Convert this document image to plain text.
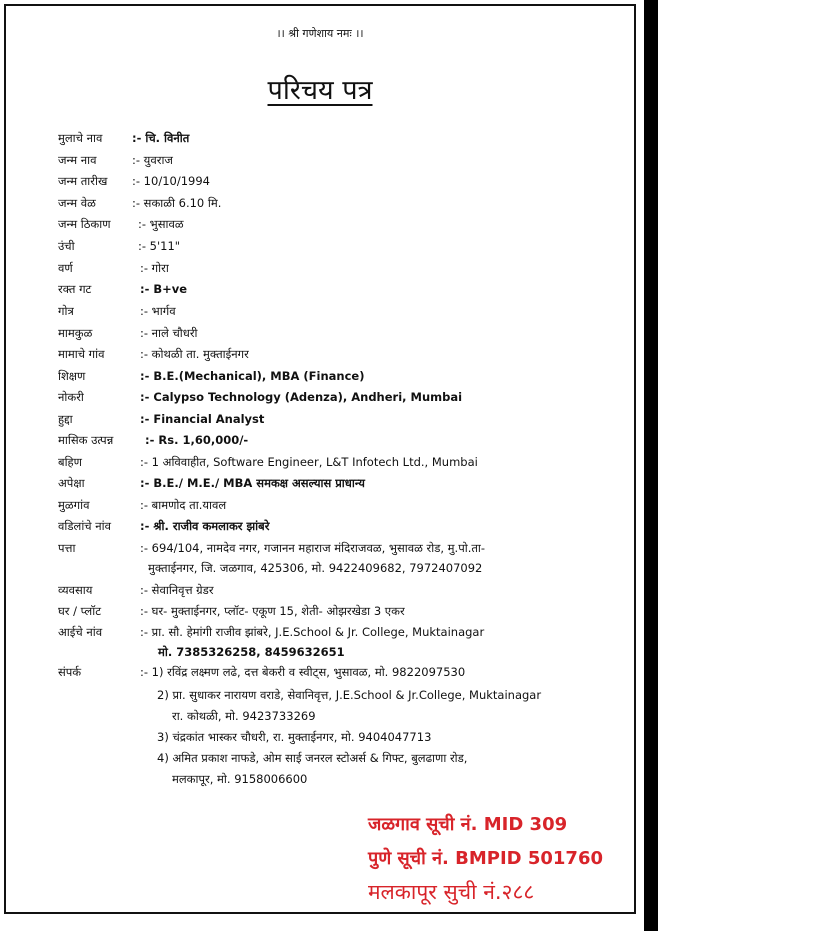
।। श्री गणेशाय नमः ।।
परिचय पत्र
मुलाचे नाव	:- चि. विनीत
जन्म नाव	:- युवराज
जन्म तारीख :- 10/10/1994
जन्म वेळ	:- सकाळी 6.10 मि.
जन्म ठिकाण :- भुसावळ
उंची	:- 5'11"
वर्ण	:- गोरा
रक्त गट	:- B+ve
गोत्र	:- भार्गव
मामकुळ	:- नाले चौधरी
मामाचे गांव	:- कोथळी ता. मुक्ताईनगर
शिक्षण	:- B.E.(Mechanical), MBA (Finance)
नोकरी	:- Calypso Technology (Adenza), Andheri, Mumbai
हुद्दा	:- Financial Analyst
मासिक उत्पन्न	:- Rs. 1,60,000/-
बहिण	:- 1 अविवाहीत, Software Engineer, L&T Infotech Ltd., Mumbai
अपेक्षा	:- B.E./ M.E./ MBA समकक्ष असल्यास प्राधान्य
मुळगांव	:- बामणोद ता.यावल
वडिलांचे नांव	:- श्री. राजीव कमलाकर झांबरे
पत्ता	:- 694/104, नामदेव नगर, गजानन महाराज मंदिराजवळ, भुसावळ रोड, मु.पो.ता-
मुक्ताईनगर, जि. जळगाव, 425306, मो. 9422409682, 7972407092
व्यवसाय	:- सेवानिवृत्त ग्रेडर
घर / प्लॉट	:- घर- मुक्ताईनगर, प्लॉट- एकूण 15, शेती- ओझरखेडा 3 एकर
आईचे नांव	:- प्रा. सौ. हेमांगी राजीव झांबरे, J.E.School & Jr. College, Muktainagar
मो. 7385326258, 8459632651
संपर्क	:- 1) रविंद्र लक्ष्मण लढे, दत्त बेकरी व स्वीट्स, भुसावळ, मो. 9822097530
2) प्रा. सुधाकर नारायण वराडे, सेवानिवृत्त, J.E.School & Jr.College, Muktainagar
रा. कोथळी, मो. 9423733269
3) चंद्रकांत भास्कर चौधरी, रा. मुक्ताईनगर, मो. 9404047713
4) अमित प्रकाश नाफडे, ओम साई जनरल स्टोअर्स & गिफ्ट, बुलढाणा रोड,
मलकापूर, मो. 9158006600
जळगाव सूची नं. MID 309
पुणे सूची नं. BMPID 501760
मलकापूर सुची नं.२८८
